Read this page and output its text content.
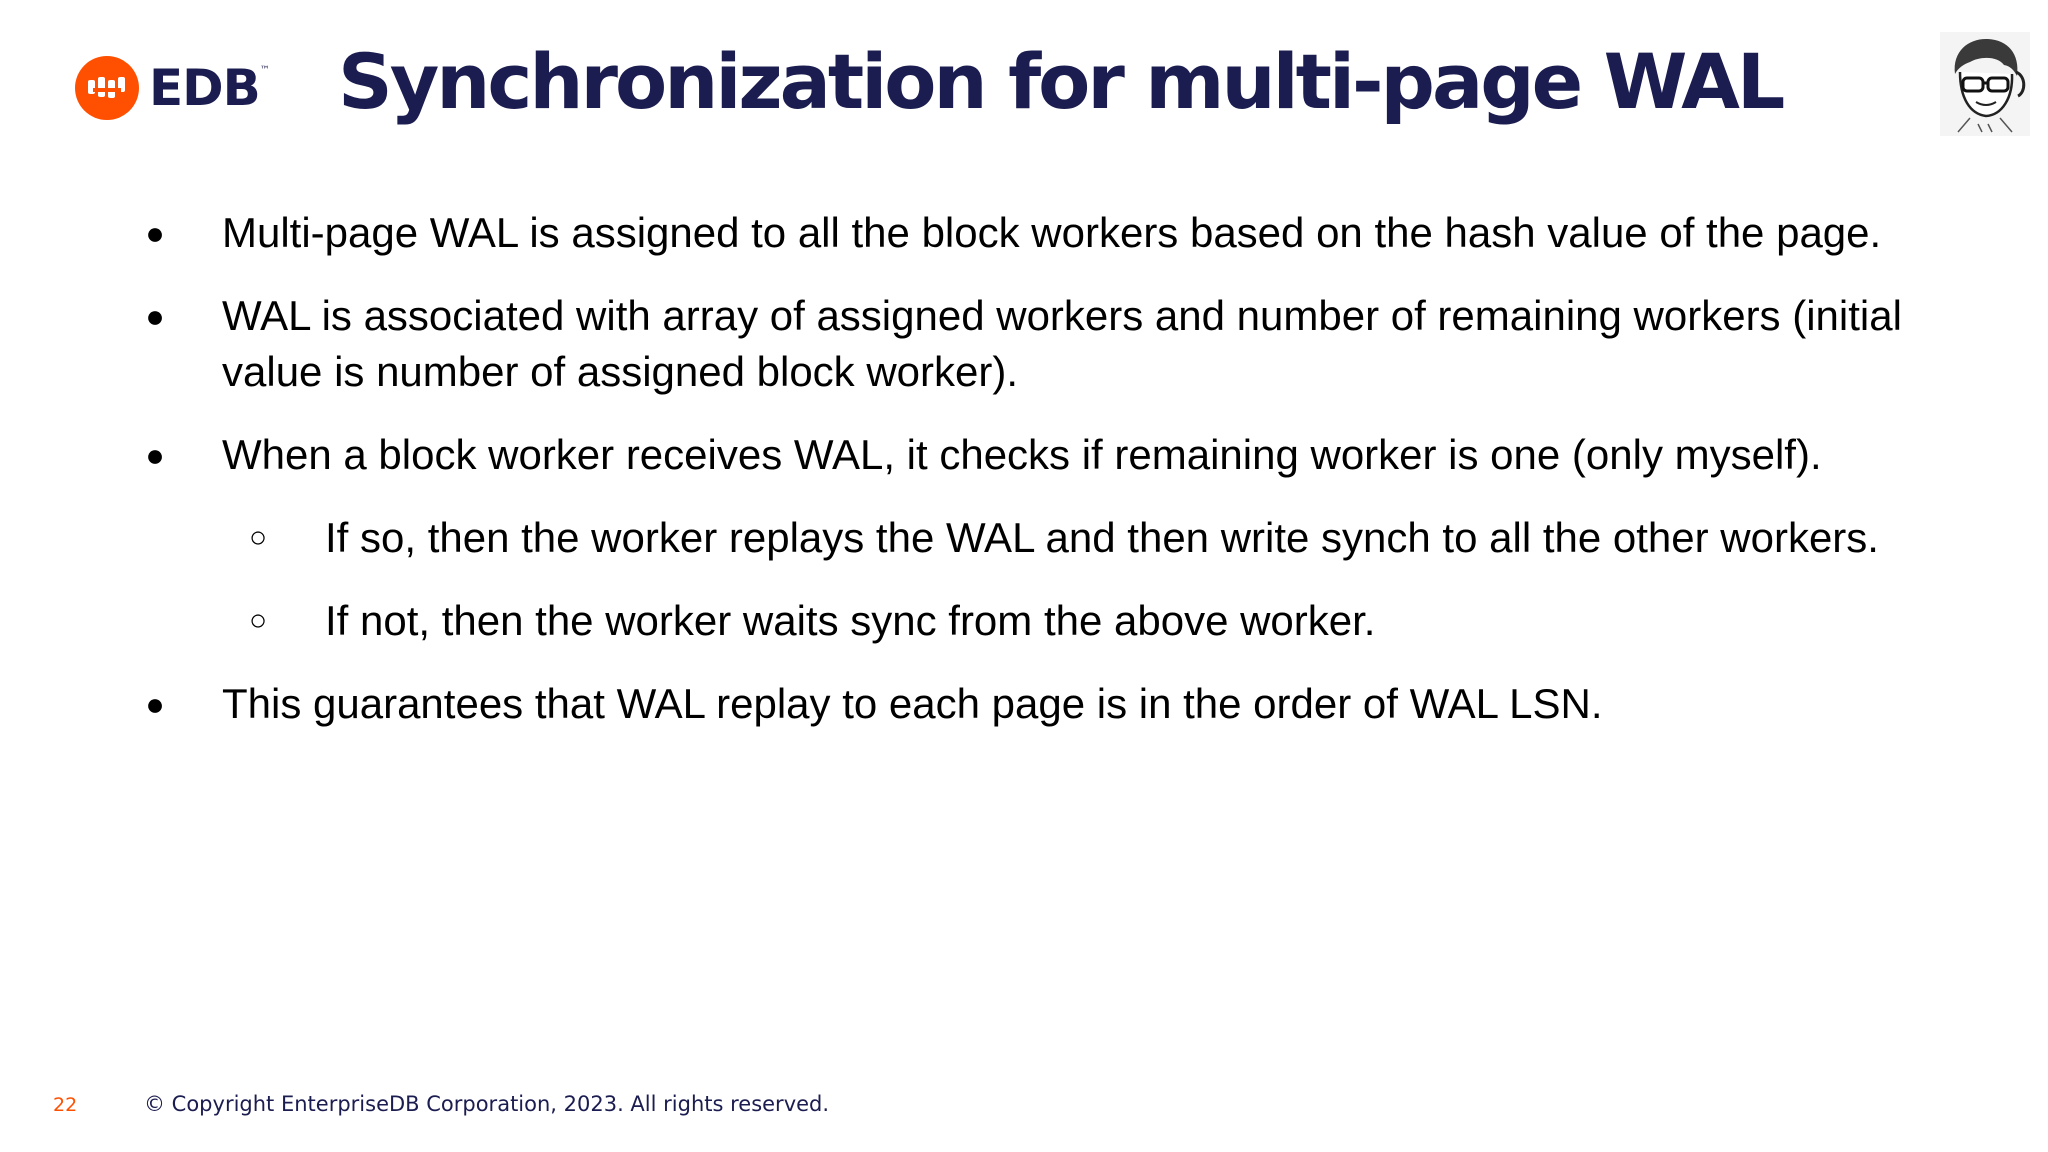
EDB ™ Synchronization for multi-page WAL
● Multi-page WAL is assigned to all the block workers based on the hash value of the page.
● WAL is associated with array of assigned workers and number of remaining workers (initial value is number of assigned block worker).
● When a block worker receives WAL, it checks if remaining worker is one (only myself).
○ If so, then the worker replays the WAL and then write synch to all the other workers.
○ If not, then the worker waits sync from the above worker.
● This guarantees that WAL replay to each page is in the order of WAL LSN.
22	© Copyright EnterpriseDB Corporation, 2023. All rights reserved.
